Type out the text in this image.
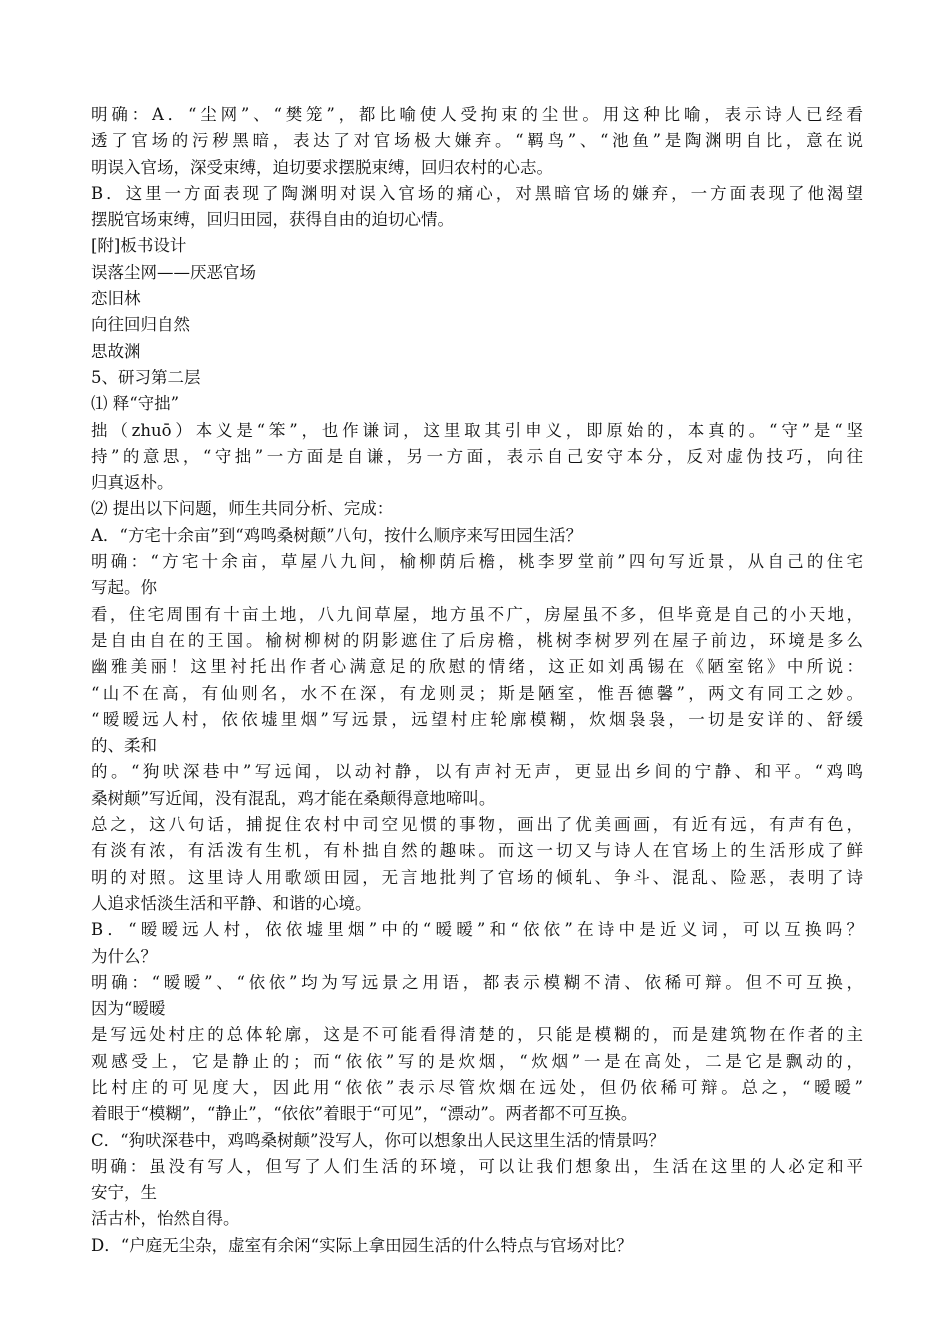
明确：A．“尘网”、“樊笼”，都比喻使人受拘束的尘世。用这种比喻，表示诗人已经看
透了官场的污秽黑暗，表达了对官场极大嫌弃。“羁鸟”、“池鱼”是陶渊明自比，意在说
明误入官场，深受束缚，迫切要求摆脱束缚，回归农村的心志。
B．这里一方面表现了陶渊明对误入官场的痛心，对黑暗官场的嫌弃，一方面表现了他渴望
摆脱官场束缚，回归田园，获得自由的迫切心情。
[附]板书设计
误落尘网——厌恶官场
恋旧林
向往回归自然
思故渊
5、研习第二层
⑴ 释“守拙”
拙（zhuō）本义是“笨”，也作谦词，这里取其引申义，即原始的，本真的。“守”是“坚
持”的意思，“守拙”一方面是自谦，另一方面，表示自己安守本分，反对虚伪技巧，向往
归真返朴。
⑵ 提出以下问题，师生共同分析、完成：
A．“方宅十余亩”到“鸡鸣桑树颠”八句，按什么顺序来写田园生活？
明确：“方宅十余亩，草屋八九间，榆柳荫后檐，桃李罗堂前”四句写近景，从自己的住宅
写起。你
看，住宅周围有十亩土地，八九间草屋，地方虽不广，房屋虽不多，但毕竟是自己的小天地，
是自由自在的王国。榆树柳树的阴影遮住了后房檐，桃树李树罗列在屋子前边，环境是多么
幽雅美丽！这里衬托出作者心满意足的欣慰的情绪，这正如刘禹锡在《陋室铭》中所说：
“山不在高，有仙则名，水不在深，有龙则灵；斯是陋室，惟吾德馨”，两文有同工之妙。
“暧暧远人村，依依墟里烟”写远景，远望村庄轮廓模糊，炊烟袅袅，一切是安详的、舒缓
的、柔和
的。“狗吠深巷中”写远闻，以动衬静，以有声衬无声，更显出乡间的宁静、和平。“鸡鸣
桑树颠”写近闻，没有混乱，鸡才能在桑颠得意地啼叫。
总之，这八句话，捕捉住农村中司空见惯的事物，画出了优美画画，有近有远，有声有色，
有淡有浓，有活泼有生机，有朴拙自然的趣味。而这一切又与诗人在官场上的生活形成了鲜
明的对照。这里诗人用歌颂田园，无言地批判了官场的倾轧、争斗、混乱、险恶，表明了诗
人追求恬淡生活和平静、和谐的心境。
B．“暧暧远人村，依依墟里烟”中的“暧暧”和“依依”在诗中是近义词，可以互换吗？
为什么？
明确：“暧暧”、“依依”均为写远景之用语，都表示模糊不清、依稀可辩。但不可互换，
因为“暧暧
是写远处村庄的总体轮廓，这是不可能看得清楚的，只能是模糊的，而是建筑物在作者的主
观感受上，它是静止的；而“依依”写的是炊烟，“炊烟”一是在高处，二是它是飘动的，
比村庄的可见度大，因此用“依依”表示尽管炊烟在远处，但仍依稀可辩。总之，“暧暧”
着眼于“模糊”，“静止”，“依依”着眼于“可见”，“漂动”。两者都不可互换。
C．“狗吠深巷中，鸡鸣桑树颠”没写人，你可以想象出人民这里生活的情景吗？
明确：虽没有写人，但写了人们生活的环境，可以让我们想象出，生活在这里的人必定和平
安宁，生
活古朴，怡然自得。
D．“户庭无尘杂，虚室有余闲“实际上拿田园生活的什么特点与官场对比？
